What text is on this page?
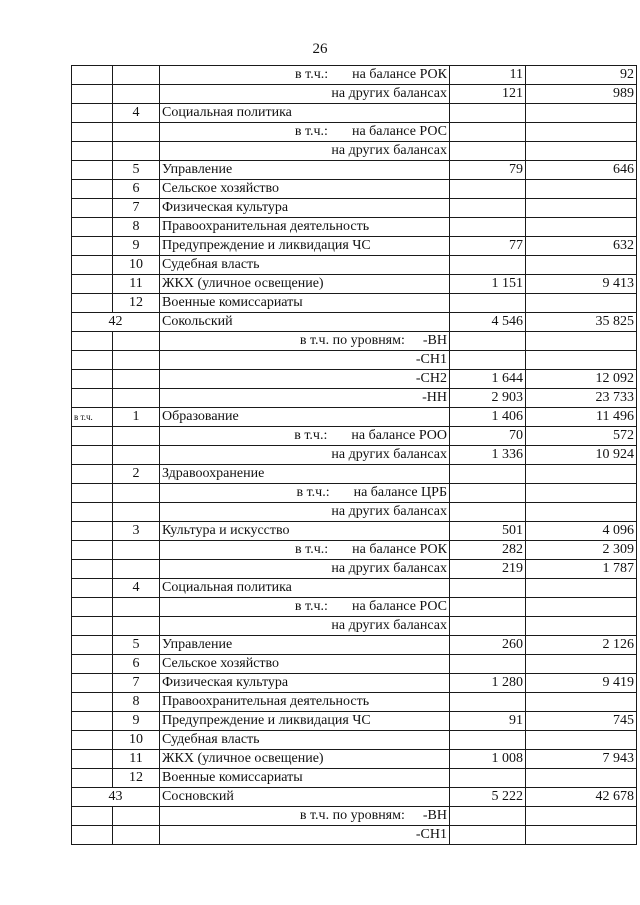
26
		в т.ч.: на балансе РОК	11	92
		на других балансах	121	989
	4	Социальная политика		
		в т.ч.: на балансе РОС		
		на других балансах		
	5	Управление	79	646
	6	Сельское хозяйство		
	7	Физическая культура		
	8	Правоохранительная деятельность		
	9	Предупреждение и ликвидация ЧС	77	632
	10	Судебная власть		
	11	ЖКХ (уличное освещение)	1 151	9 413
	12	Военные комиссариаты		
42		Сокольский	4 546	35 825
		в т.ч. по уровням: -ВН		
		-СН1		
		-СН2	1 644	12 092
		-НН	2 903	23 733
в т.ч.	1	Образование	1 406	11 496
		в т.ч.: на балансе РОО	70	572
		на других балансах	1 336	10 924
	2	Здравоохранение		
		в т.ч.: на балансе ЦРБ		
		на других балансах		
	3	Культура и искусство	501	4 096
		в т.ч.: на балансе РОК	282	2 309
		на других балансах	219	1 787
	4	Социальная политика		
		в т.ч.: на балансе РОС		
		на других балансах		
	5	Управление	260	2 126
	6	Сельское хозяйство		
	7	Физическая культура	1 280	9 419
	8	Правоохранительная деятельность		
	9	Предупреждение и ликвидация ЧС	91	745
	10	Судебная власть		
	11	ЖКХ (уличное освещение)	1 008	7 943
	12	Военные комиссариаты		
43		Сосновский	5 222	42 678
		в т.ч. по уровням: -ВН		
		-СН1		
